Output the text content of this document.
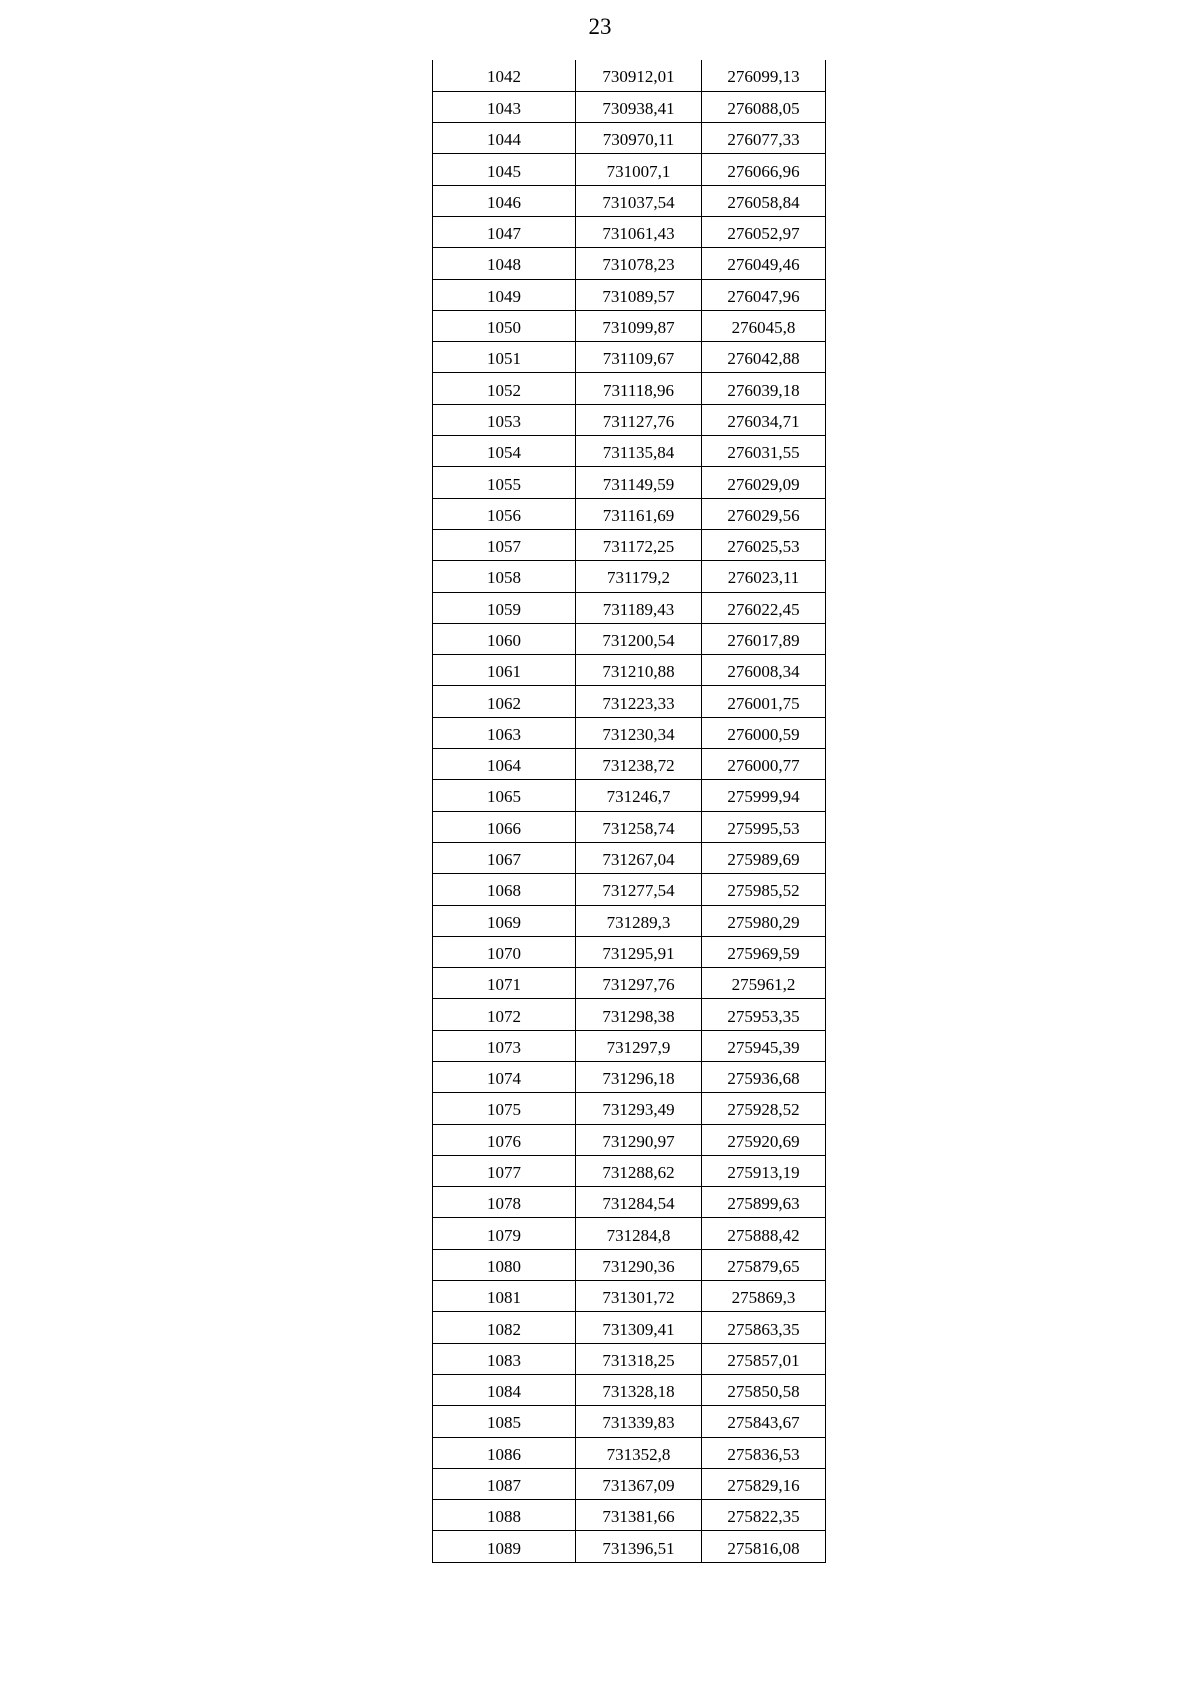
23
1042	730912,01	276099,13
1043	730938,41	276088,05
1044	730970,11	276077,33
1045	731007,1	276066,96
1046	731037,54	276058,84
1047	731061,43	276052,97
1048	731078,23	276049,46
1049	731089,57	276047,96
1050	731099,87	276045,8
1051	731109,67	276042,88
1052	731118,96	276039,18
1053	731127,76	276034,71
1054	731135,84	276031,55
1055	731149,59	276029,09
1056	731161,69	276029,56
1057	731172,25	276025,53
1058	731179,2	276023,11
1059	731189,43	276022,45
1060	731200,54	276017,89
1061	731210,88	276008,34
1062	731223,33	276001,75
1063	731230,34	276000,59
1064	731238,72	276000,77
1065	731246,7	275999,94
1066	731258,74	275995,53
1067	731267,04	275989,69
1068	731277,54	275985,52
1069	731289,3	275980,29
1070	731295,91	275969,59
1071	731297,76	275961,2
1072	731298,38	275953,35
1073	731297,9	275945,39
1074	731296,18	275936,68
1075	731293,49	275928,52
1076	731290,97	275920,69
1077	731288,62	275913,19
1078	731284,54	275899,63
1079	731284,8	275888,42
1080	731290,36	275879,65
1081	731301,72	275869,3
1082	731309,41	275863,35
1083	731318,25	275857,01
1084	731328,18	275850,58
1085	731339,83	275843,67
1086	731352,8	275836,53
1087	731367,09	275829,16
1088	731381,66	275822,35
1089	731396,51	275816,08
